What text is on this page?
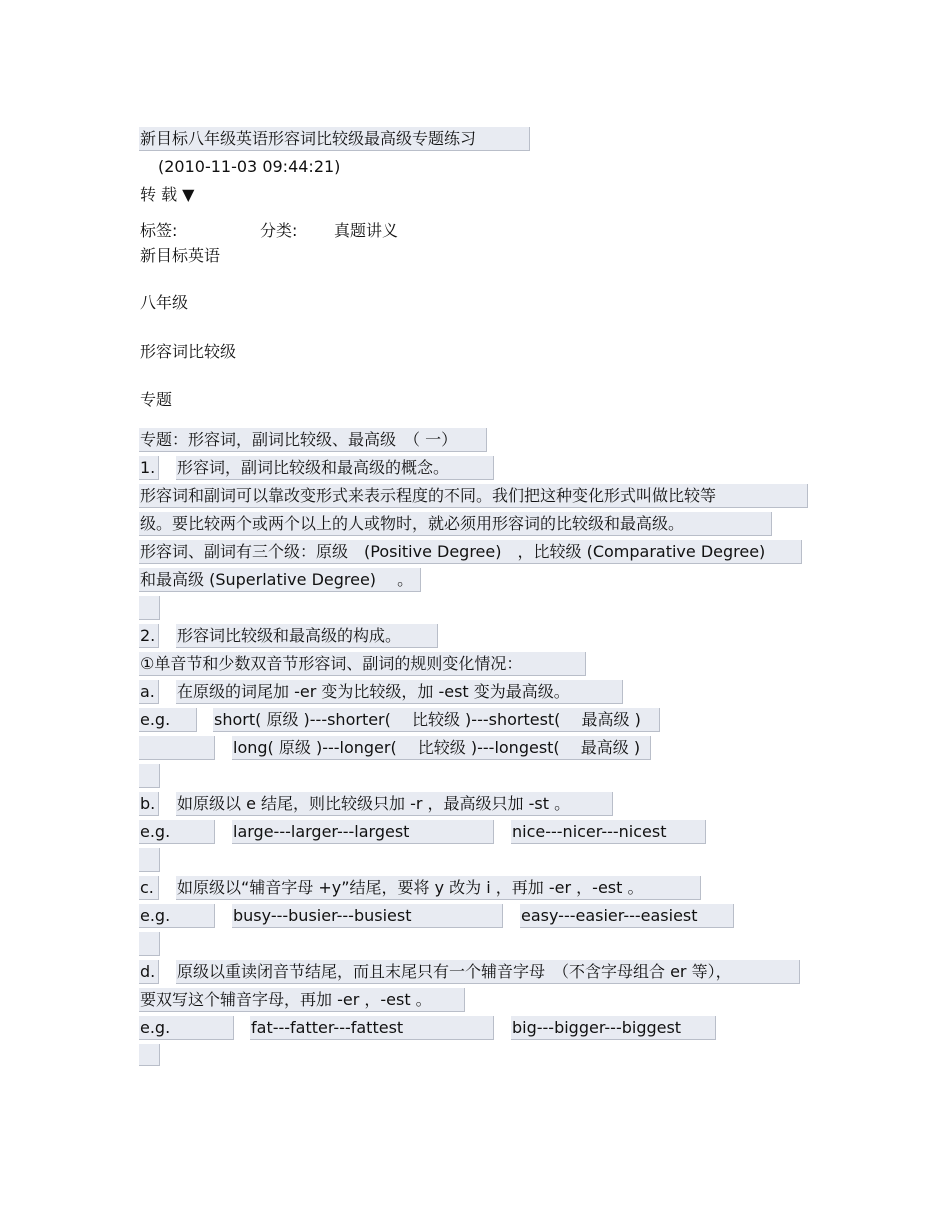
新目标八年级英语形容词比较级最高级专题练习
(2010-11-03 09:44:21)
转 载 ▼
标签:	分类: 真题讲义
新目标英语
八年级
形容词比较级
专题
专题：形容词，副词比较级、最高级　（ 一）
1. 形容词，副词比较级和最高级的概念。
形容词和副词可以靠改变形式来表示程度的不同。我们把这种变化形式叫做比较等
级。要比较两个或两个以上的人或物时，就必须用形容词的比较级和最高级。
形容词、副词有三个级：原级　(Positive Degree)　，比较级 (Comparative Degree)
和最高级 (Superlative Degree)　 。
2. 形容词比较级和最高级的构成。
①单音节和少数双音节形容词、副词的规则变化情况：
a. 在原级的词尾加 -er 变为比较级，加 -est 变为最高级。
e.g.	short( 原级 )---shorter(　 比较级 )---shortest(　 最高级 )
long( 原级 )---longer(　 比较级 )---longest(　 最高级 )
b. 如原级以 e 结尾，则比较级只加 -r ，最高级只加 -st 。
e.g.	large---larger---largest	nice---nicer---nicest
c. 如原级以“辅音字母 +y”结尾，要将 y 改为 i ，再加 -er ，-est 。
e.g.	busy---busier---busiest	easy---easier---easiest
d. 原级以重读闭音节结尾，而且末尾只有一个辅音字母　（不含字母组合 er 等），
要双写这个辅音字母，再加 -er ，-est 。
e.g.	fat---fatter---fattest	big---bigger---biggest
